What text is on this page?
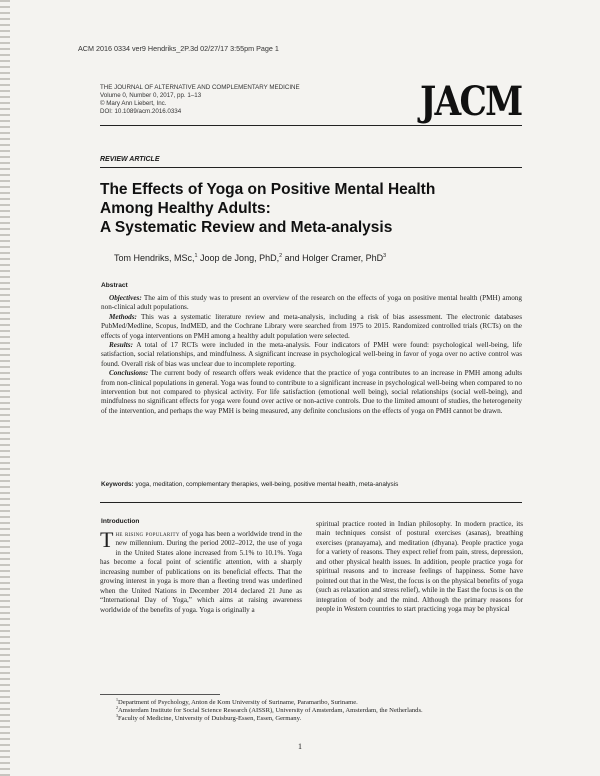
ACM 2016 0334 ver9 Hendriks_2P.3d 02/27/17 3:55pm Page 1
THE JOURNAL OF ALTERNATIVE AND COMPLEMENTARY MEDICINE
Volume 0, Number 0, 2017, pp. 1–13
© Mary Ann Liebert, Inc.
DOI: 10.1089/acm.2016.0334	JACM
REVIEW ARTICLE
The Effects of Yoga on Positive Mental Health
Among Healthy Adults:
A Systematic Review and Meta-analysis
Tom Hendriks, MSc,$^1$ Joop de Jong, PhD,$^2$ and Holger Cramer, PhD$^3$
Abstract

Objectives: The aim of this study was to present an overview of the research on the effects of yoga on positive mental health (PMH) among non-clinical adult populations.

Methods: This was a systematic literature review and meta-analysis, including a risk of bias assessment. The electronic databases PubMed/Medline, Scopus, IndMED, and the Cochrane Library were searched from 1975 to 2015. Randomized controlled trials (RCTs) on the effects of yoga interventions on PMH among a healthy adult population were selected.

Results: A total of 17 RCTs were included in the meta-analysis. Four indicators of PMH were found: psychological well-being, life satisfaction, social relationships, and mindfulness. A significant increase in psychological well-being in favor of yoga over no active control was found. Overall risk of bias was unclear due to incomplete reporting.

Conclusions: The current body of research offers weak evidence that the practice of yoga contributes to an increase in PMH among adults from non-clinical populations in general. Yoga was found to contribute to a significant increase in psychological well-being when compared to no intervention but not compared to physical activity. For life satisfaction (emotional well being), social relationships (social well-being), and mindfulness no significant effects for yoga were found over active or non-active controls. Due to the limited amount of studies, the heterogeneity of the intervention, and perhaps the way PMH is being measured, any definite conclusions on the effects of yoga on PMH cannot be drawn.

Keywords: yoga, meditation, complementary therapies, well-being, positive mental health, meta-analysis
Introduction

The rising popularity of yoga has been a worldwide trend in the new millennium. During the period 2002–2012, the use of yoga in the United States alone increased from 5.1% to 10.1%. Yoga has become a focal point of scientific attention, with a sharply increasing number of publications on its beneficial effects. That the growing interest in yoga is more than a fleeting trend was underlined when the United Nations in December 2014 declared 21 June as “International Day of Yoga,” which aims at raising awareness worldwide of the benefits of yoga. Yoga is originally a

spiritual practice rooted in Indian philosophy. In modern practice, its main techniques consist of postural exercises (asanas), breathing exercises (pranayama), and meditation (dhyana). People practice yoga for a variety of reasons. They expect relief from pain, stress, depression, and other physical health issues. In addition, people practice yoga for spiritual reasons and to increase feelings of happiness. Some have pointed out that in the West, the focus is on the physical benefits of yoga (such as relaxation and stress relief), while in the East the focus is on the integration of body and the mind. Although the primary reasons for people in Western countries to start practicing yoga may be physical

$^1$Department of Psychology, Anton de Kom University of Suriname, Paramaribo, Suriname.
$^2$Amsterdam Institute for Social Science Research (AISSR), University of Amsterdam, Amsterdam, the Netherlands.
$^3$Faculty of Medicine, University of Duisburg-Essen, Essen, Germany.
1
